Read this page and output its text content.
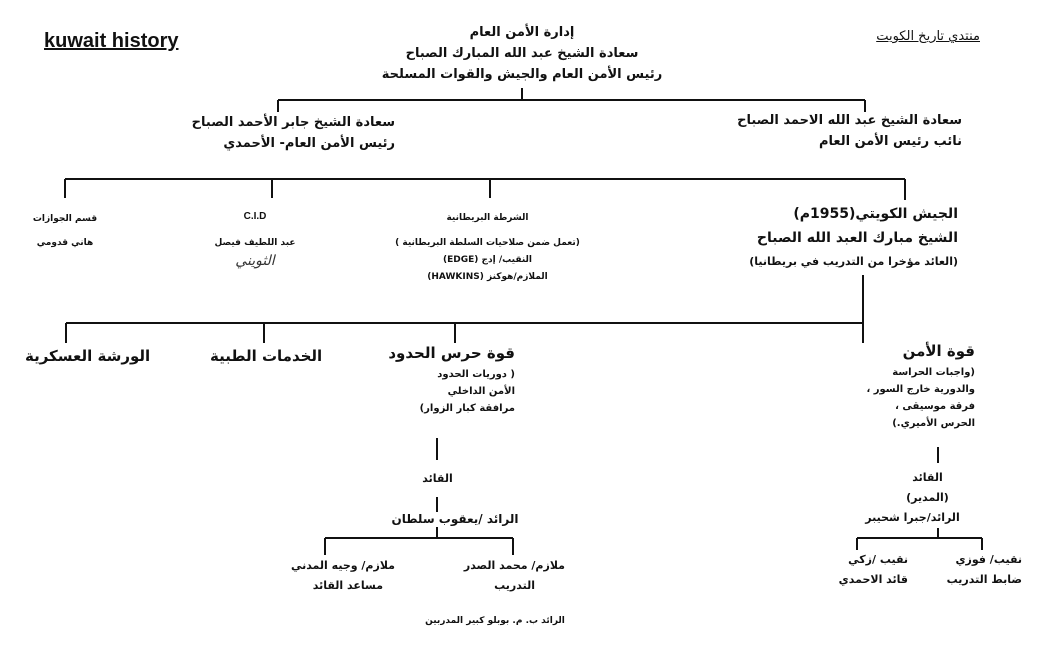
kuwait history	منتدي تاريخ الكويت
إدارة الأمن العام
سعادة الشيخ عبد الله المبارك الصباح
رئيس الأمن العام والجيش والقوات المسلحة
سعادة الشيخ جابر الأحمد الصباح
رئيس الأمن العام- الأحمدي
سعادة الشيخ عبد الله الاحمد الصباح
نائب رئيس الأمن العام
قسم الجوازات
هاني قدومي
C.I.D
عبد اللطيف فيصل
الثويني
الشرطة البريطانية
(تعمل ضمن صلاحيات السلطة البريطانية )
النقيب/ إدج (EDGE)
الملازم/هوكنز (HAWKINS)
الجيش الكويتي(1955م)
الشيخ مبارك العبد الله الصباح
(العائد مؤخرا من التدريب في بريطانيا)
الورشة العسكرية	الخدمات الطبية	قوة حرس الحدود
( دوريات الحدود
الأمن الداخلي
مرافقة كبار الزوار)
قوة الأمن
(واجبات الحراسة
والدورية خارج السور ،
فرقة موسيقى ،
الحرس الأميري.)
القائد
الرائد /يعقوب سلطان
ملازم/ محمد الصدر
التدريب
ملازم/ وجيه المدني
مساعد القائد
الرائد ب. م. بوبلو كبير المدربين
القائد
(المدير)
الرائد/جبرا شحيبر
نقيب/ فوزي
ضابط التدريب
نقيب /زكي
قائد الاحمدي
